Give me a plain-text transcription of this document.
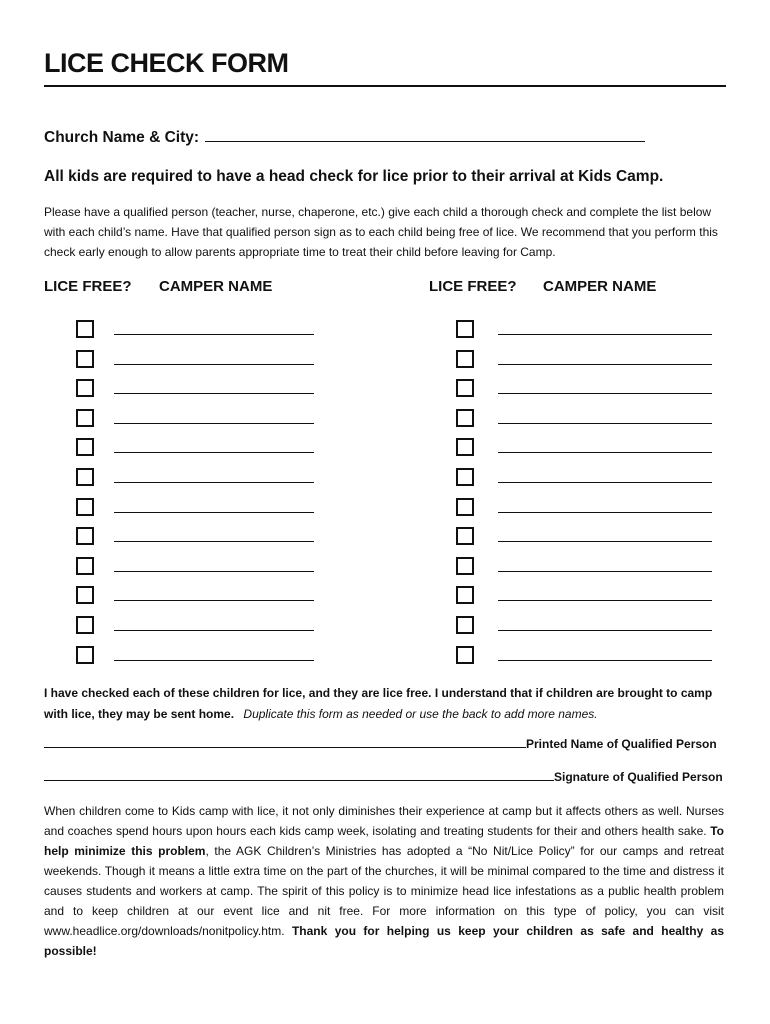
LICE CHECK FORM
Church Name & City:
All kids are required to have a head check for lice prior to their arrival at Kids Camp.
Please have a qualified person (teacher, nurse, chaperone, etc.) give each child a thorough check and complete the list below with each child’s name. Have that qualified person sign as to each child being free of lice. We recommend that you perform this check early enough to allow parents appropriate time to treat their child before leaving for Camp.
LICE FREE? CAMPER NAME	LICE FREE? CAMPER NAME
I have checked each of these children for lice, and they are lice free. I understand that if children are brought to camp with lice, they may be sent home. Duplicate this form as needed or use the back to add more names.
Printed Name of Qualified Person
Signature of Qualified Person
When children come to Kids camp with lice, it not only diminishes their experience at camp but it affects others as well. Nurses and coaches spend hours upon hours each kids camp week, isolating and treating students for their and others health sake. To help minimize this problem, the AGK Children’s Ministries has adopted a “No Nit/Lice Policy” for our camps and retreat weekends. Though it means a little extra time on the part of the churches, it will be minimal compared to the time and distress it causes students and workers at camp. The spirit of this policy is to minimize head lice infestations as a public health problem and to keep children at our event lice and nit free. For more information on this type of policy, you can visit www.headlice.org/downloads/nonitpolicy.htm. Thank you for helping us keep your children as safe and healthy as possible!
